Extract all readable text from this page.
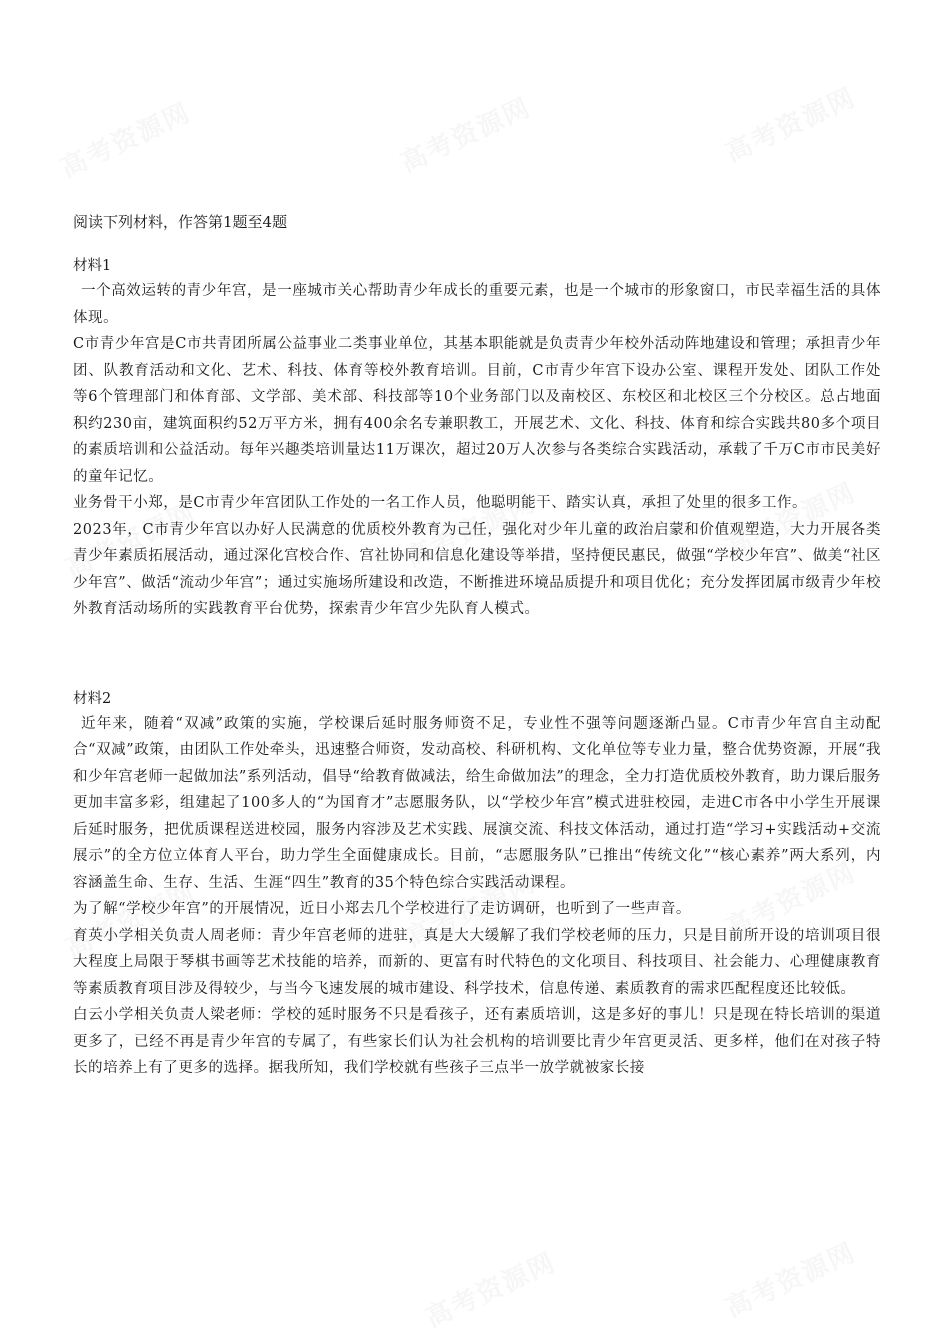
阅读下列材料，作答第1题至4题

材料1

一个高效运转的青少年宫，是一座城市关心帮助青少年成长的重要元素，也是一个城市的形象窗口，市民幸福生活的具体体现。

C市青少年宫是C市共青团所属公益事业二类事业单位，其基本职能就是负责青少年校外活动阵地建设和管理；承担青少年团、队教育活动和文化、艺术、科技、体育等校外教育培训。目前，C市青少年宫下设办公室、课程开发处、团队工作处等6个管理部门和体育部、文学部、美术部、科技部等10个业务部门以及南校区、东校区和北校区三个分校区。总占地面积约230亩，建筑面积约52万平方米，拥有400余名专兼职教工，开展艺术、文化、科技、体育和综合实践共80多个项目的素质培训和公益活动。每年兴趣类培训量达11万课次，超过20万人次参与各类综合实践活动，承载了千万C市市民美好的童年记忆。

业务骨干小郑，是C市青少年宫团队工作处的一名工作人员，他聪明能干、踏实认真，承担了处里的很多工作。

2023年，C市青少年宫以办好人民满意的优质校外教育为己任，强化对少年儿童的政治启蒙和价值观塑造，大力开展各类青少年素质拓展活动，通过深化宫校合作、宫社协同和信息化建设等举措，坚持便民惠民，做强“学校少年宫”、做美“社区少年宫”、做活“流动少年宫”；通过实施场所建设和改造，不断推进环境品质提升和项目优化；充分发挥团属市级青少年校外教育活动场所的实践教育平台优势，探索青少年宫少先队育人模式。

材料2

近年来，随着“双减”政策的实施，学校课后延时服务师资不足，专业性不强等问题逐渐凸显。C市青少年宫自主动配合“双减”政策，由团队工作处牵头，迅速整合师资，发动高校、科研机构、文化单位等专业力量，整合优势资源，开展“我和少年宫老师一起做加法”系列活动，倡导“给教育做减法，给生命做加法”的理念，全力打造优质校外教育，助力课后服务更加丰富多彩，组建起了100多人的“为国育才”志愿服务队，以“学校少年宫”模式进驻校园，走进C市各中小学生开展课后延时服务，把优质课程送进校园，服务内容涉及艺术实践、展演交流、科技文体活动，通过打造“学习+实践活动+交流展示”的全方位立体育人平台，助力学生全面健康成长。目前，“志愿服务队”已推出“传统文化”“核心素养”两大系列，内容涵盖生命、生存、生活、生涯“四生”教育的35个特色综合实践活动课程。

为了解“学校少年宫”的开展情况，近日小郑去几个学校进行了走访调研，也听到了一些声音。

育英小学相关负责人周老师：青少年宫老师的进驻，真是大大缓解了我们学校老师的压力，只是目前所开设的培训项目很大程度上局限于琴棋书画等艺术技能的培养，而新的、更富有时代特色的文化项目、科技项目、社会能力、心理健康教育等素质教育项目涉及得较少，与当今飞速发展的城市建设、科学技术，信息传递、素质教育的需求匹配程度还比较低。

白云小学相关负责人梁老师：学校的延时服务不只是看孩子，还有素质培训，这是多好的事儿！只是现在特长培训的渠道更多了，已经不再是青少年宫的专属了，有些家长们认为社会机构的培训要比青少年宫更灵活、更多样，他们在对孩子特长的培养上有了更多的选择。据我所知，我们学校就有些孩子三点半一放学就被家长接
